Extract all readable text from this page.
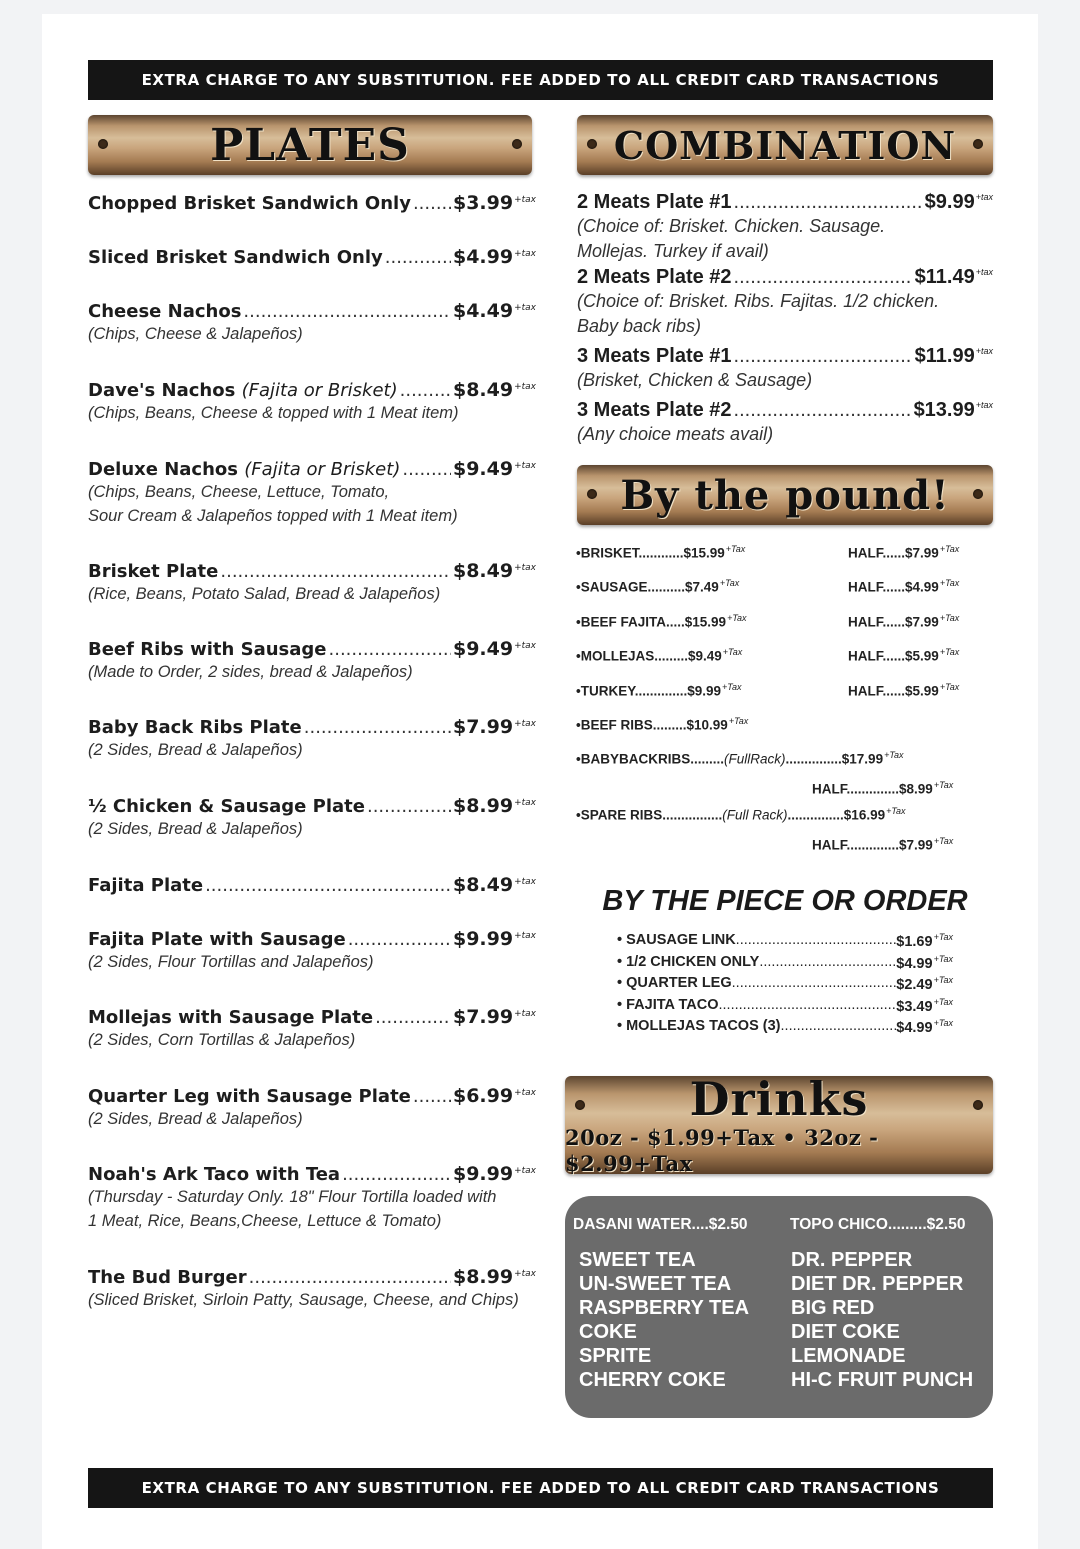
EXTRA CHARGE TO ANY SUBSTITUTION. FEE ADDED TO ALL CREDIT CARD TRANSACTIONS
PLATES	COMBINATION
By the pound!
Chopped Brisket Sandwich Only ..... $\$3.99^{+tax}$
Sliced Brisket Sandwich Only .....	$\$4.99^{+tax}$
Cheese Nachos .....	$\$4.49^{+tax}$
(Chips, Cheese & Jalapeños)
Dave's Nachos (Fajita or Brisket) .....	$\$8.49^{+tax}$
(Chips, Beans, Cheese & topped with 1 Meat item)
Deluxe Nachos (Fajita or Brisket) .....	$\$9.49^{+tax}$
(Chips, Beans, Cheese, Lettuce, Tomato,
Sour Cream & Jalapeños topped with 1 Meat item)
Brisket Plate .....	$\$8.49^{+tax}$
(Rice, Beans, Potato Salad, Bread & Jalapeños)
Beef Ribs with Sausage .....	$\$9.49^{+tax}$
(Made to Order, 2 sides, bread & Jalapeños)
Baby Back Ribs Plate .....	$\$7.99^{+tax}$
(2 Sides, Bread & Jalapeños)
½ Chicken & Sausage Plate .....	$\$8.99^{+tax}$
(2 Sides, Bread & Jalapeños)
Fajita Plate .....	$\$8.49^{+tax}$
Fajita Plate with Sausage .....	$\$9.99^{+tax}$
(2 Sides, Flour Tortillas and Jalapeños)
Mollejas with Sausage Plate .....	$\$7.99^{+tax}$
(2 Sides, Corn Tortillas & Jalapeños)
Quarter Leg with Sausage Plate ..... $\$6.99^{+tax}$
(2 Sides, Bread & Jalapeños)
Noah's Ark Taco with Tea .....	$\$9.99^{+tax}$
(Thursday - Saturday Only. 18" Flour Tortilla loaded with
1 Meat, Rice, Beans,Cheese, Lettuce & Tomato)
The Bud Burger .....	$\$8.99^{+tax}$
(Sliced Brisket, Sirloin Patty, Sausage, Cheese, and Chips)
2 Meats Plate #1 .....	$\$9.99^{+tax}$
(Choice of: Brisket. Chicken. Sausage.
Mollejas. Turkey if avail)
2 Meats Plate #2 .....	$\$11.49^{+tax}$
(Choice of: Brisket. Ribs. Fajitas. 1/2 chicken.
Baby back ribs)
3 Meats Plate #1 .....	$\$11.99^{+tax}$
(Brisket, Chicken & Sausage)
3 Meats Plate #2 .....	$\$13.99^{+tax}$
(Any choice meats avail)
$•BRISKET............\$15.99^{+Tax}$	$HALF......\$7.99^{+Tax}$
$•SAUSAGE..........\$7.49^{+Tax}$	$HALF......\$4.99^{+Tax}$
•BEEF $FAJITA.....\$15.99^{+Tax}$	$HALF......\$7.99^{+Tax}$
$•MOLLEJAS.........\$9.49^{+Tax}$	$HALF......\$5.99^{+Tax}$
$•TURKEY..............\$9.99^{+Tax}$	$HALF......\$5.99^{+Tax}$
•BEEF $RIBS.........\$10.99^{+Tax}$
$•BABYBACKRIBS.........(FullRack)...............\$17.99^{+Tax}$
$HALF..............\$8.99^{+Tax}$
•SPARE RIBS................(Full $Rack)...............\$16.99^{+Tax}$
$HALF..............\$7.99^{+Tax}$
BY THE PIECE OR ORDER
• SAUSAGE LINK .....	$\$1.69^{+Tax}$
• 1/2 CHICKEN ONLY .....	$\$4.99^{+Tax}$
• QUARTER LEG .....	$\$2.49^{+Tax}$
• FAJITA TACO .....	$\$3.49^{+Tax}$
• MOLLEJAS TACOS (3) .....	$\$4.99^{+Tax}$
Drinks
20oz - $1.99+Tax • 32oz - $2.99+Tax
DASANI WATER....$2.50	TOPO CHICO.........$2.50
SWEET TEA
UN-SWEET TEA
RASPBERRY TEA
COKE
SPRITE
CHERRY COKE
DR. PEPPER
DIET DR. PEPPER
BIG RED
DIET COKE
LEMONADE
HI-C FRUIT PUNCH
EXTRA CHARGE TO ANY SUBSTITUTION. FEE ADDED TO ALL CREDIT CARD TRANSACTIONS
